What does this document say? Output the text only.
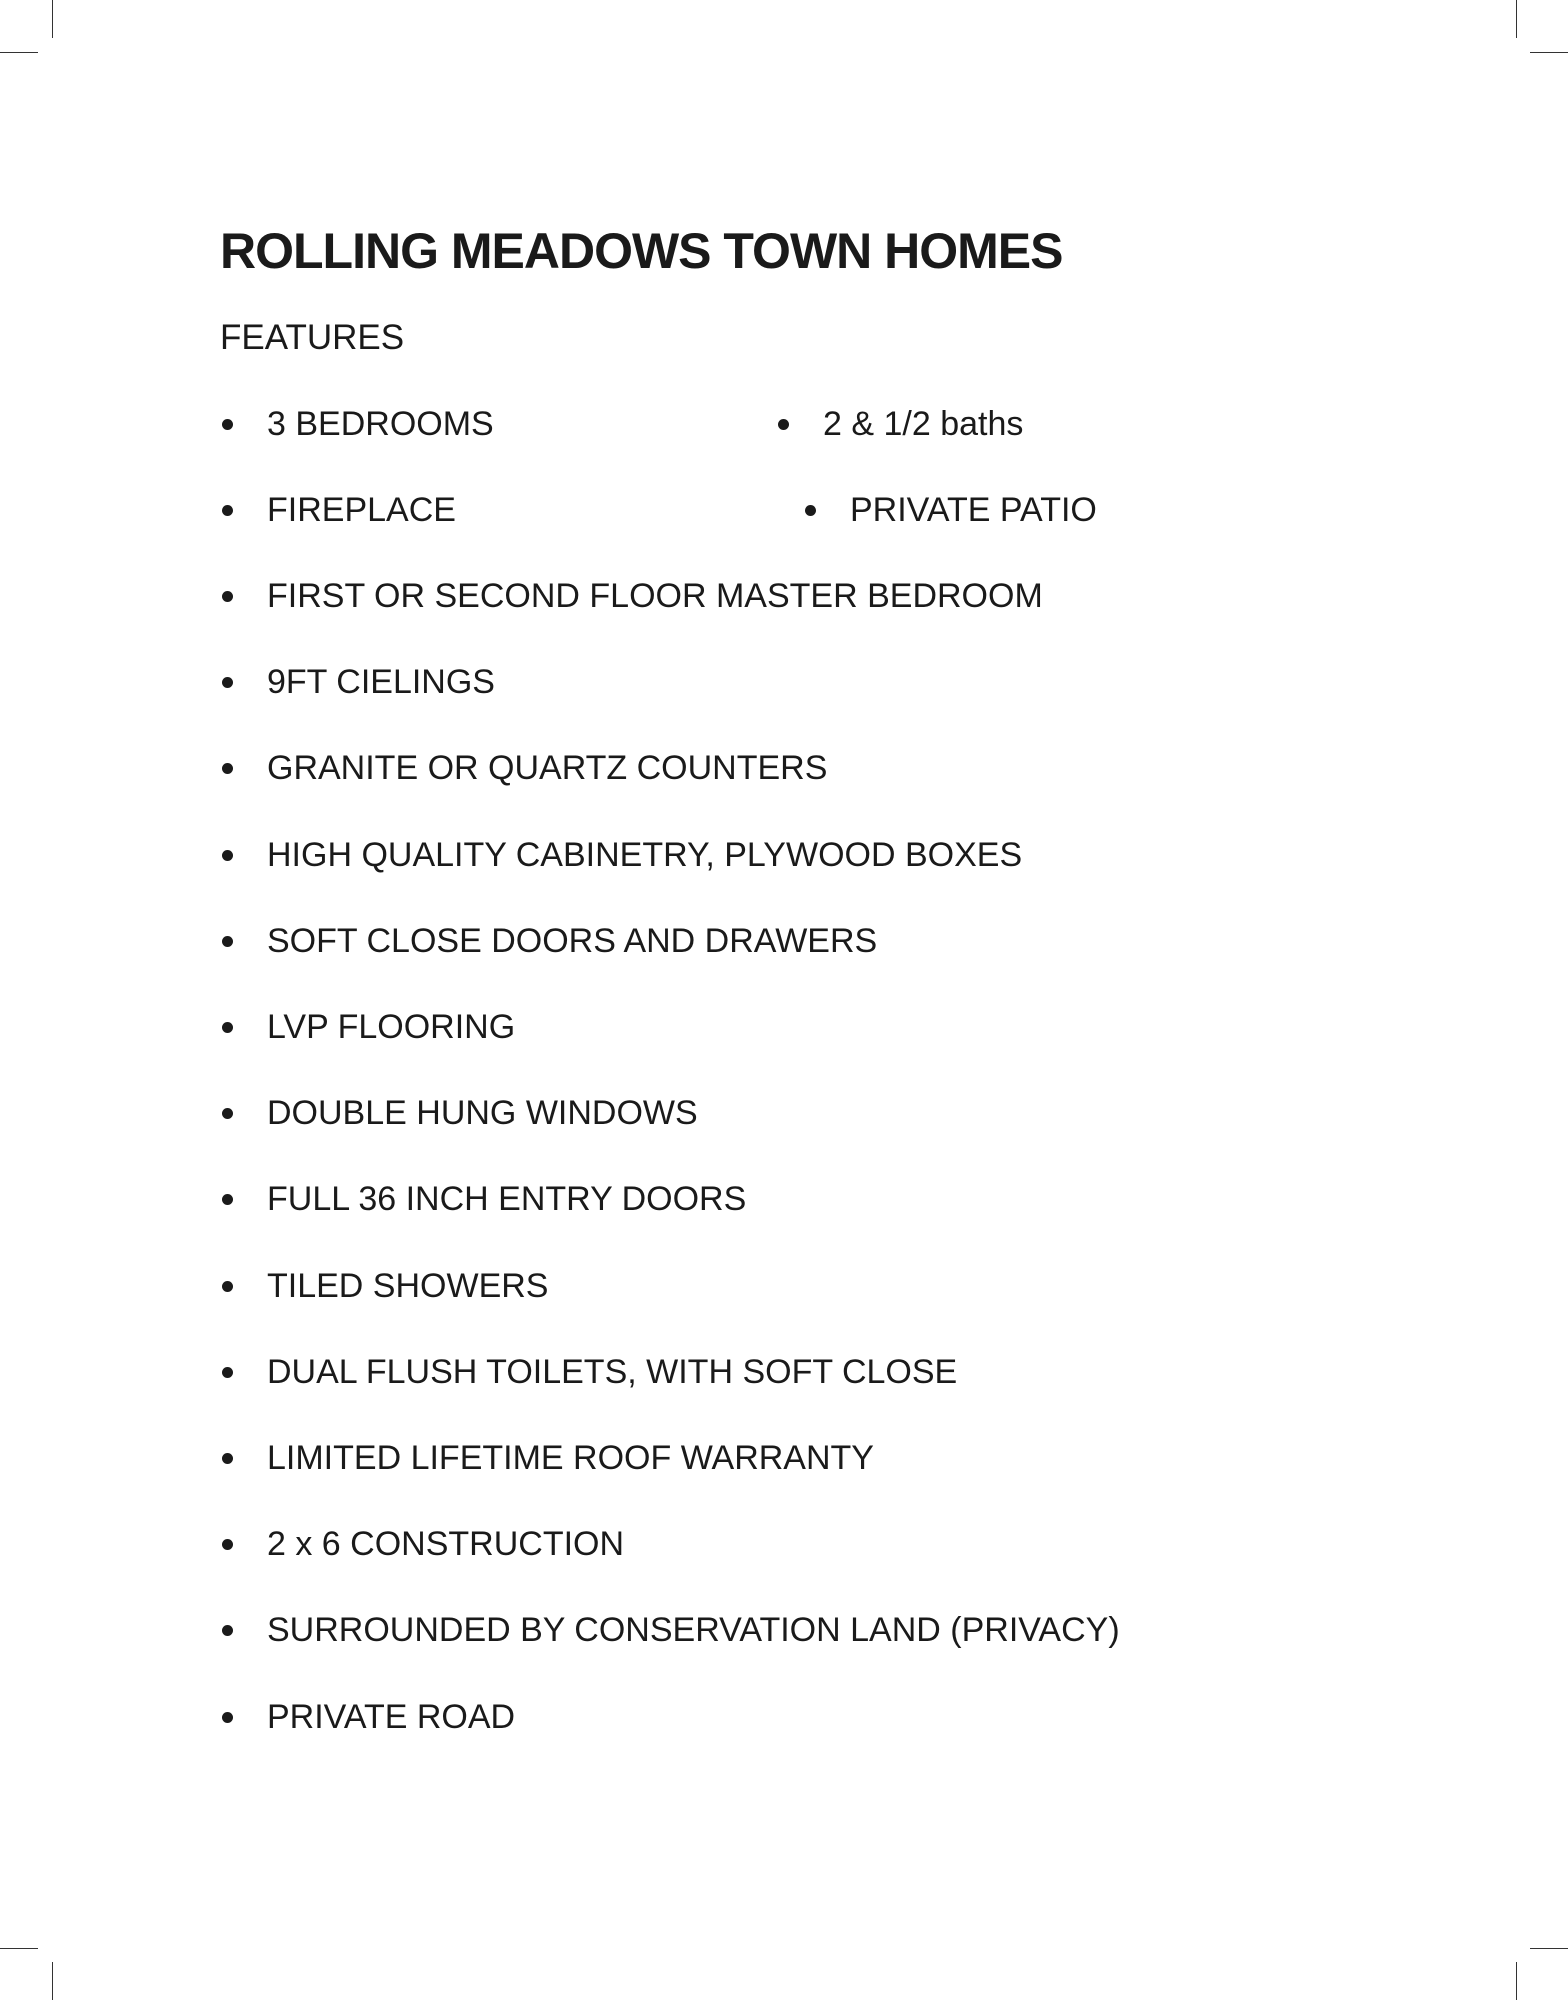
ROLLING MEADOWS TOWN HOMES
FEATURES
3 BEDROOMS	2 & 1/2 baths
FIREPLACE	PRIVATE PATIO
FIRST OR SECOND FLOOR MASTER BEDROOM
9FT CIELINGS
GRANITE OR QUARTZ COUNTERS
HIGH QUALITY CABINETRY, PLYWOOD BOXES
SOFT CLOSE DOORS AND DRAWERS
LVP FLOORING
DOUBLE HUNG WINDOWS
FULL 36 INCH ENTRY DOORS
TILED SHOWERS
DUAL FLUSH TOILETS, WITH SOFT CLOSE
LIMITED LIFETIME ROOF WARRANTY
2 x 6 CONSTRUCTION
SURROUNDED BY CONSERVATION LAND (PRIVACY)
PRIVATE ROAD
